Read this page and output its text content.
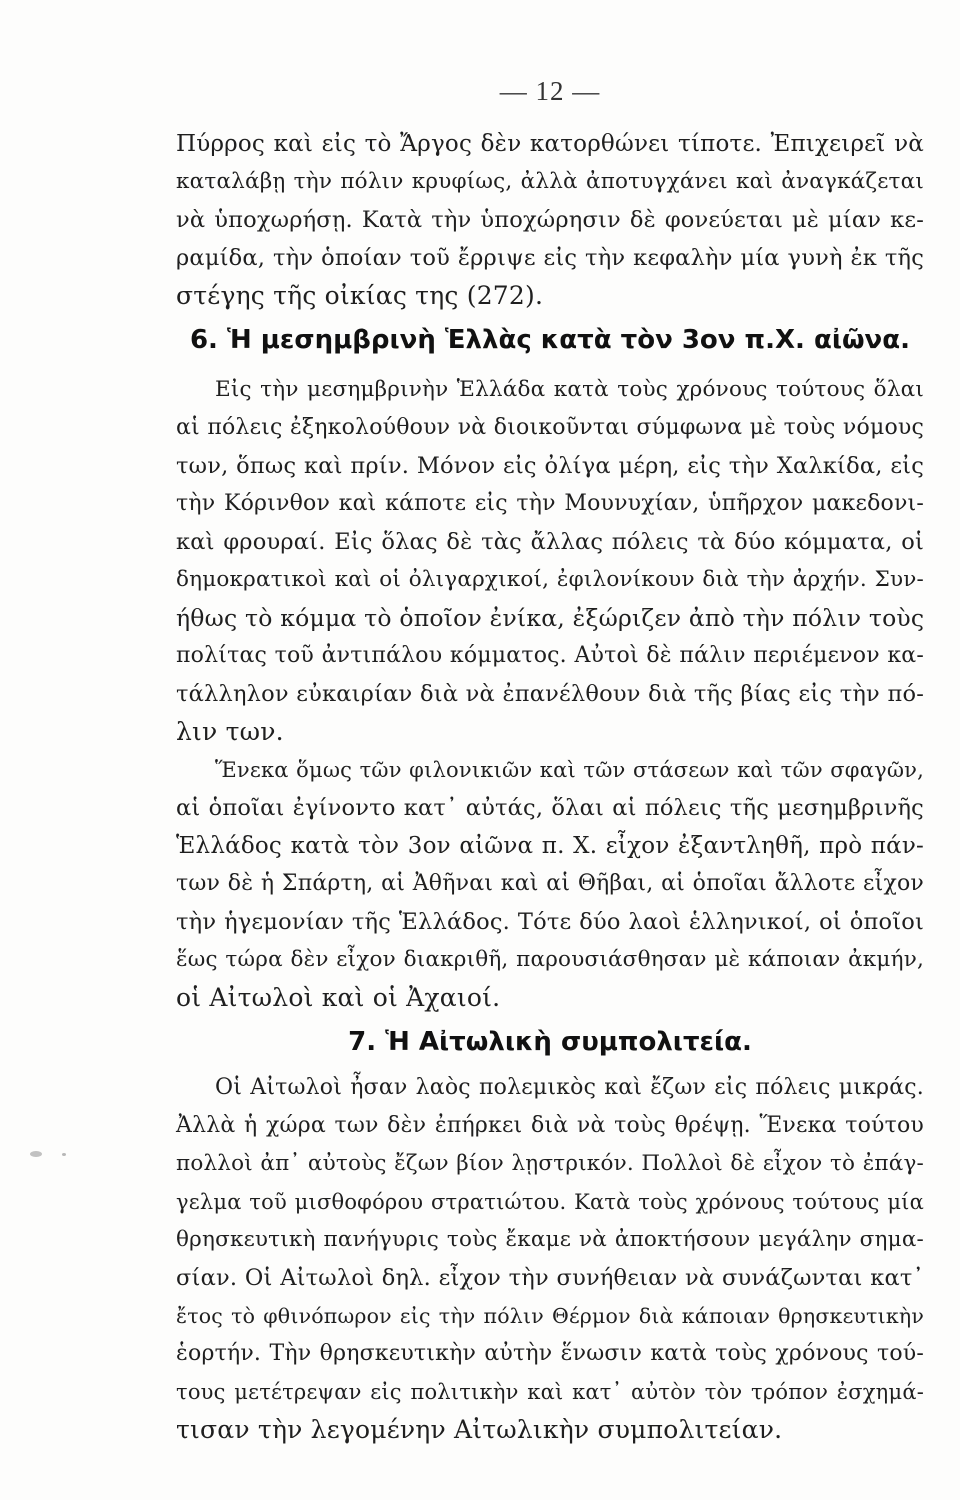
— 12 —
Πύρρος καὶ εἰς τὸ Ἄργος δὲν κατορθώνει τίποτε. Ἐπιχειρεῖ νὰ
καταλάβῃ τὴν πόλιν κρυφίως, ἀλλὰ ἀποτυγχάνει καὶ ἀναγκάζεται
νὰ ὑποχωρήσῃ. Κατὰ τὴν ὑποχώρησιν δὲ φονεύεται μὲ μίαν κε-
ραμίδα, τὴν ὁποίαν τοῦ ἔρριψε εἰς τὴν κεφαλὴν μία γυνὴ ἐκ τῆς
στέγης τῆς οἰκίας της (272).
6. Ἡ μεσημβρινὴ Ἑλλὰς κατὰ τὸν 3ον π.Χ. αἰῶνα.
Εἰς τὴν μεσημβρινὴν Ἑλλάδα κατὰ τοὺς χρόνους τούτους ὅλαι
αἱ πόλεις ἐξηκολούθουν νὰ διοικοῦνται σύμφωνα μὲ τοὺς νόμους
των, ὅπως καὶ πρίν. Μόνον εἰς ὀλίγα μέρη, εἰς τὴν Χαλκίδα, εἰς
τὴν Κόρινθον καὶ κάποτε εἰς τὴν Μουνυχίαν, ὑπῆρχον μακεδονι-
καὶ φρουραί. Εἰς ὅλας δὲ τὰς ἄλλας πόλεις τὰ δύο κόμματα, οἱ
δημοκρατικοὶ καὶ οἱ ὀλιγαρχικοί, ἐφιλονίκουν διὰ τὴν ἀρχήν. Συν-
ήθως τὸ κόμμα τὸ ὁποῖον ἐνίκα, ἐξώριζεν ἀπὸ τὴν πόλιν τοὺς
πολίτας τοῦ ἀντιπάλου κόμματος. Αὐτοὶ δὲ πάλιν περιέμενον κα-
τάλληλον εὐκαιρίαν διὰ νὰ ἐπανέλθουν διὰ τῆς βίας εἰς τὴν πό-
λιν των.
Ἕνεκα ὅμως τῶν φιλονικιῶν καὶ τῶν στάσεων καὶ τῶν σφαγῶν,
αἱ ὁποῖαι ἐγίνοντο κατ᾽ αὐτάς, ὅλαι αἱ πόλεις τῆς μεσημβρινῆς
Ἑλλάδος κατὰ τὸν 3ον αἰῶνα π. Χ. εἶχον ἐξαντληθῆ, πρὸ πάν-
των δὲ ἡ Σπάρτη, αἱ Ἀθῆναι καὶ αἱ Θῆβαι, αἱ ὁποῖαι ἄλλοτε εἶχον
τὴν ἡγεμονίαν τῆς Ἑλλάδος. Τότε δύο λαοὶ ἑλληνικοί, οἱ ὁποῖοι
ἕως τώρα δὲν εἶχον διακριθῆ, παρουσιάσθησαν μὲ κάποιαν ἀκμήν,
οἱ Αἰτωλοὶ καὶ οἱ Ἀχαιοί.
7. Ἡ Αἰτωλικὴ συμπολιτεία.
Οἱ Αἰτωλοὶ ἦσαν λαὸς πολεμικὸς καὶ ἔζων εἰς πόλεις μικράς.
Ἀλλὰ ἡ χώρα των δὲν ἐπήρκει διὰ νὰ τοὺς θρέψῃ. Ἕνεκα τούτου
πολλοὶ ἀπ᾽ αὐτοὺς ἔζων βίον λῃστρικόν. Πολλοὶ δὲ εἶχον τὸ ἐπάγ-
γελμα τοῦ μισθοφόρου στρατιώτου. Κατὰ τοὺς χρόνους τούτους μία
θρησκευτικὴ πανήγυρις τοὺς ἔκαμε νὰ ἀποκτήσουν μεγάλην σημα-
σίαν. Οἱ Αἰτωλοὶ δηλ. εἶχον τὴν συνήθειαν νὰ συνάζωνται κατ᾽
ἔτος τὸ φθινόπωρον εἰς τὴν πόλιν Θέρμον διὰ κάποιαν θρησκευτικὴν
ἑορτήν. Τὴν θρησκευτικὴν αὐτὴν ἕνωσιν κατὰ τοὺς χρόνους τού-
τους μετέτρεψαν εἰς πολιτικὴν καὶ κατ᾽ αὐτὸν τὸν τρόπον ἐσχημά-
τισαν τὴν λεγομένην Αἰτωλικὴν συμπολιτείαν.
